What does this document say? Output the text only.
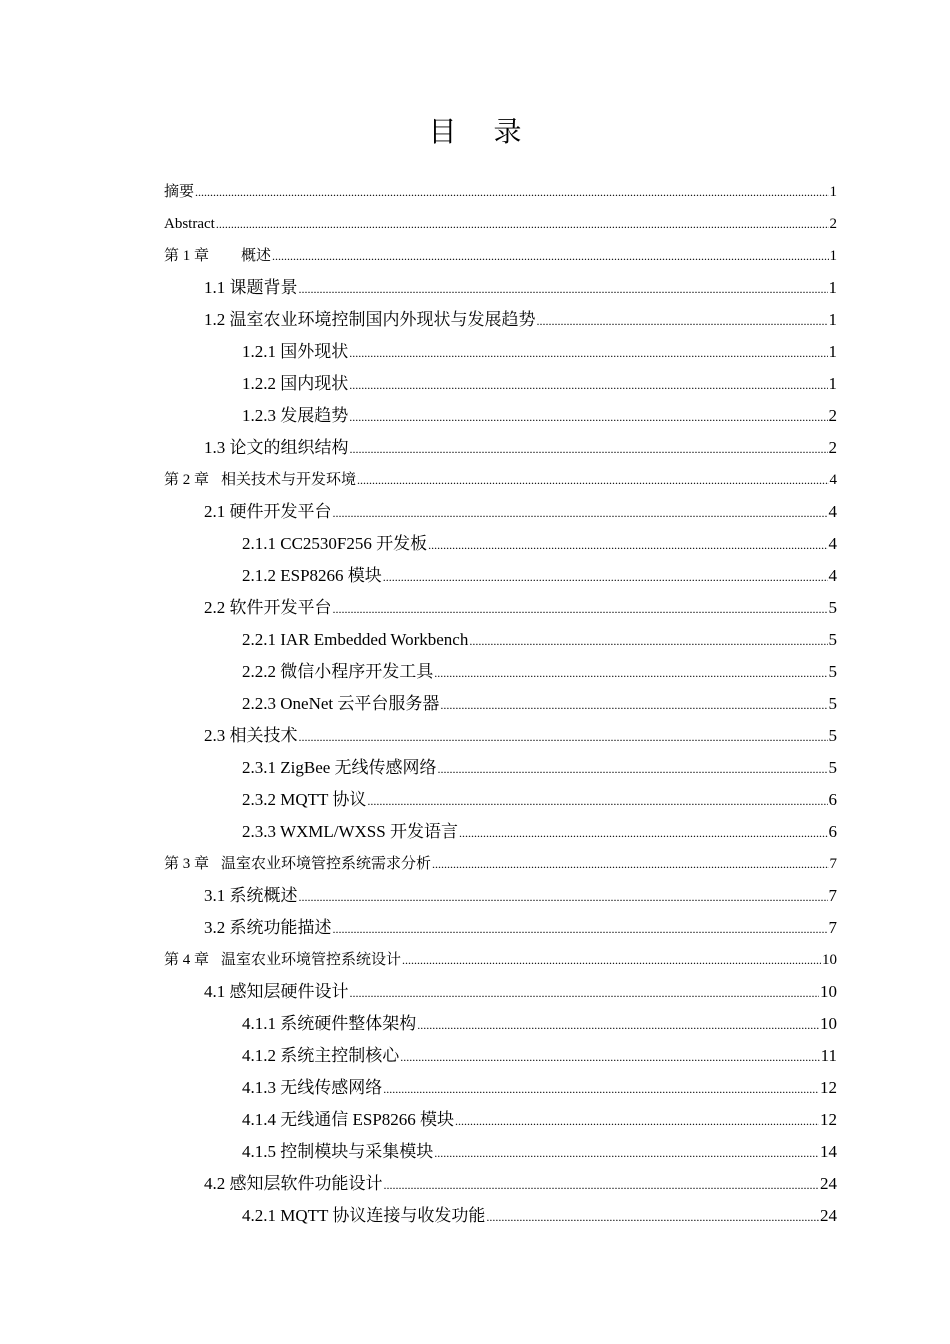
目 录
摘要 .....	1
Abstract .....	2
第 1 章 概述 .....	1
1.1 课题背景 .....	1
1.2 温室农业环境控制国内外现状与发展趋势 .....	1
1.2.1 国外现状 .....	1
1.2.2 国内现状 .....	1
1.2.3 发展趋势 .....	2
1.3 论文的组织结构 .....	2
第 2 章 相关技术与开发环境 .....	4
2.1 硬件开发平台 .....	4
2.1.1 CC2530F256 开发板 .....	4
2.1.2 ESP8266 模块 .....	4
2.2 软件开发平台 .....	5
2.2.1 IAR Embedded Workbench .....	5
2.2.2 微信小程序开发工具 .....	5
2.2.3 OneNet 云平台服务器 .....	5
2.3 相关技术 .....	5
2.3.1 ZigBee 无线传感网络 .....	5
2.3.2 MQTT 协议 .....	6
2.3.3 WXML/WXSS 开发语言 .....	6
第 3 章 温室农业环境管控系统需求分析 .....	7
3.1 系统概述 .....	7
3.2 系统功能描述 .....	7
第 4 章 温室农业环境管控系统设计 .....	10
4.1 感知层硬件设计 .....	10
4.1.1 系统硬件整体架构 .....	10
4.1.2 系统主控制核心 .....	11
4.1.3 无线传感网络 .....	12
4.1.4 无线通信 ESP8266 模块 .....	12
4.1.5 控制模块与采集模块 .....	14
4.2 感知层软件功能设计 .....	24
4.2.1 MQTT 协议连接与收发功能 .....	24
